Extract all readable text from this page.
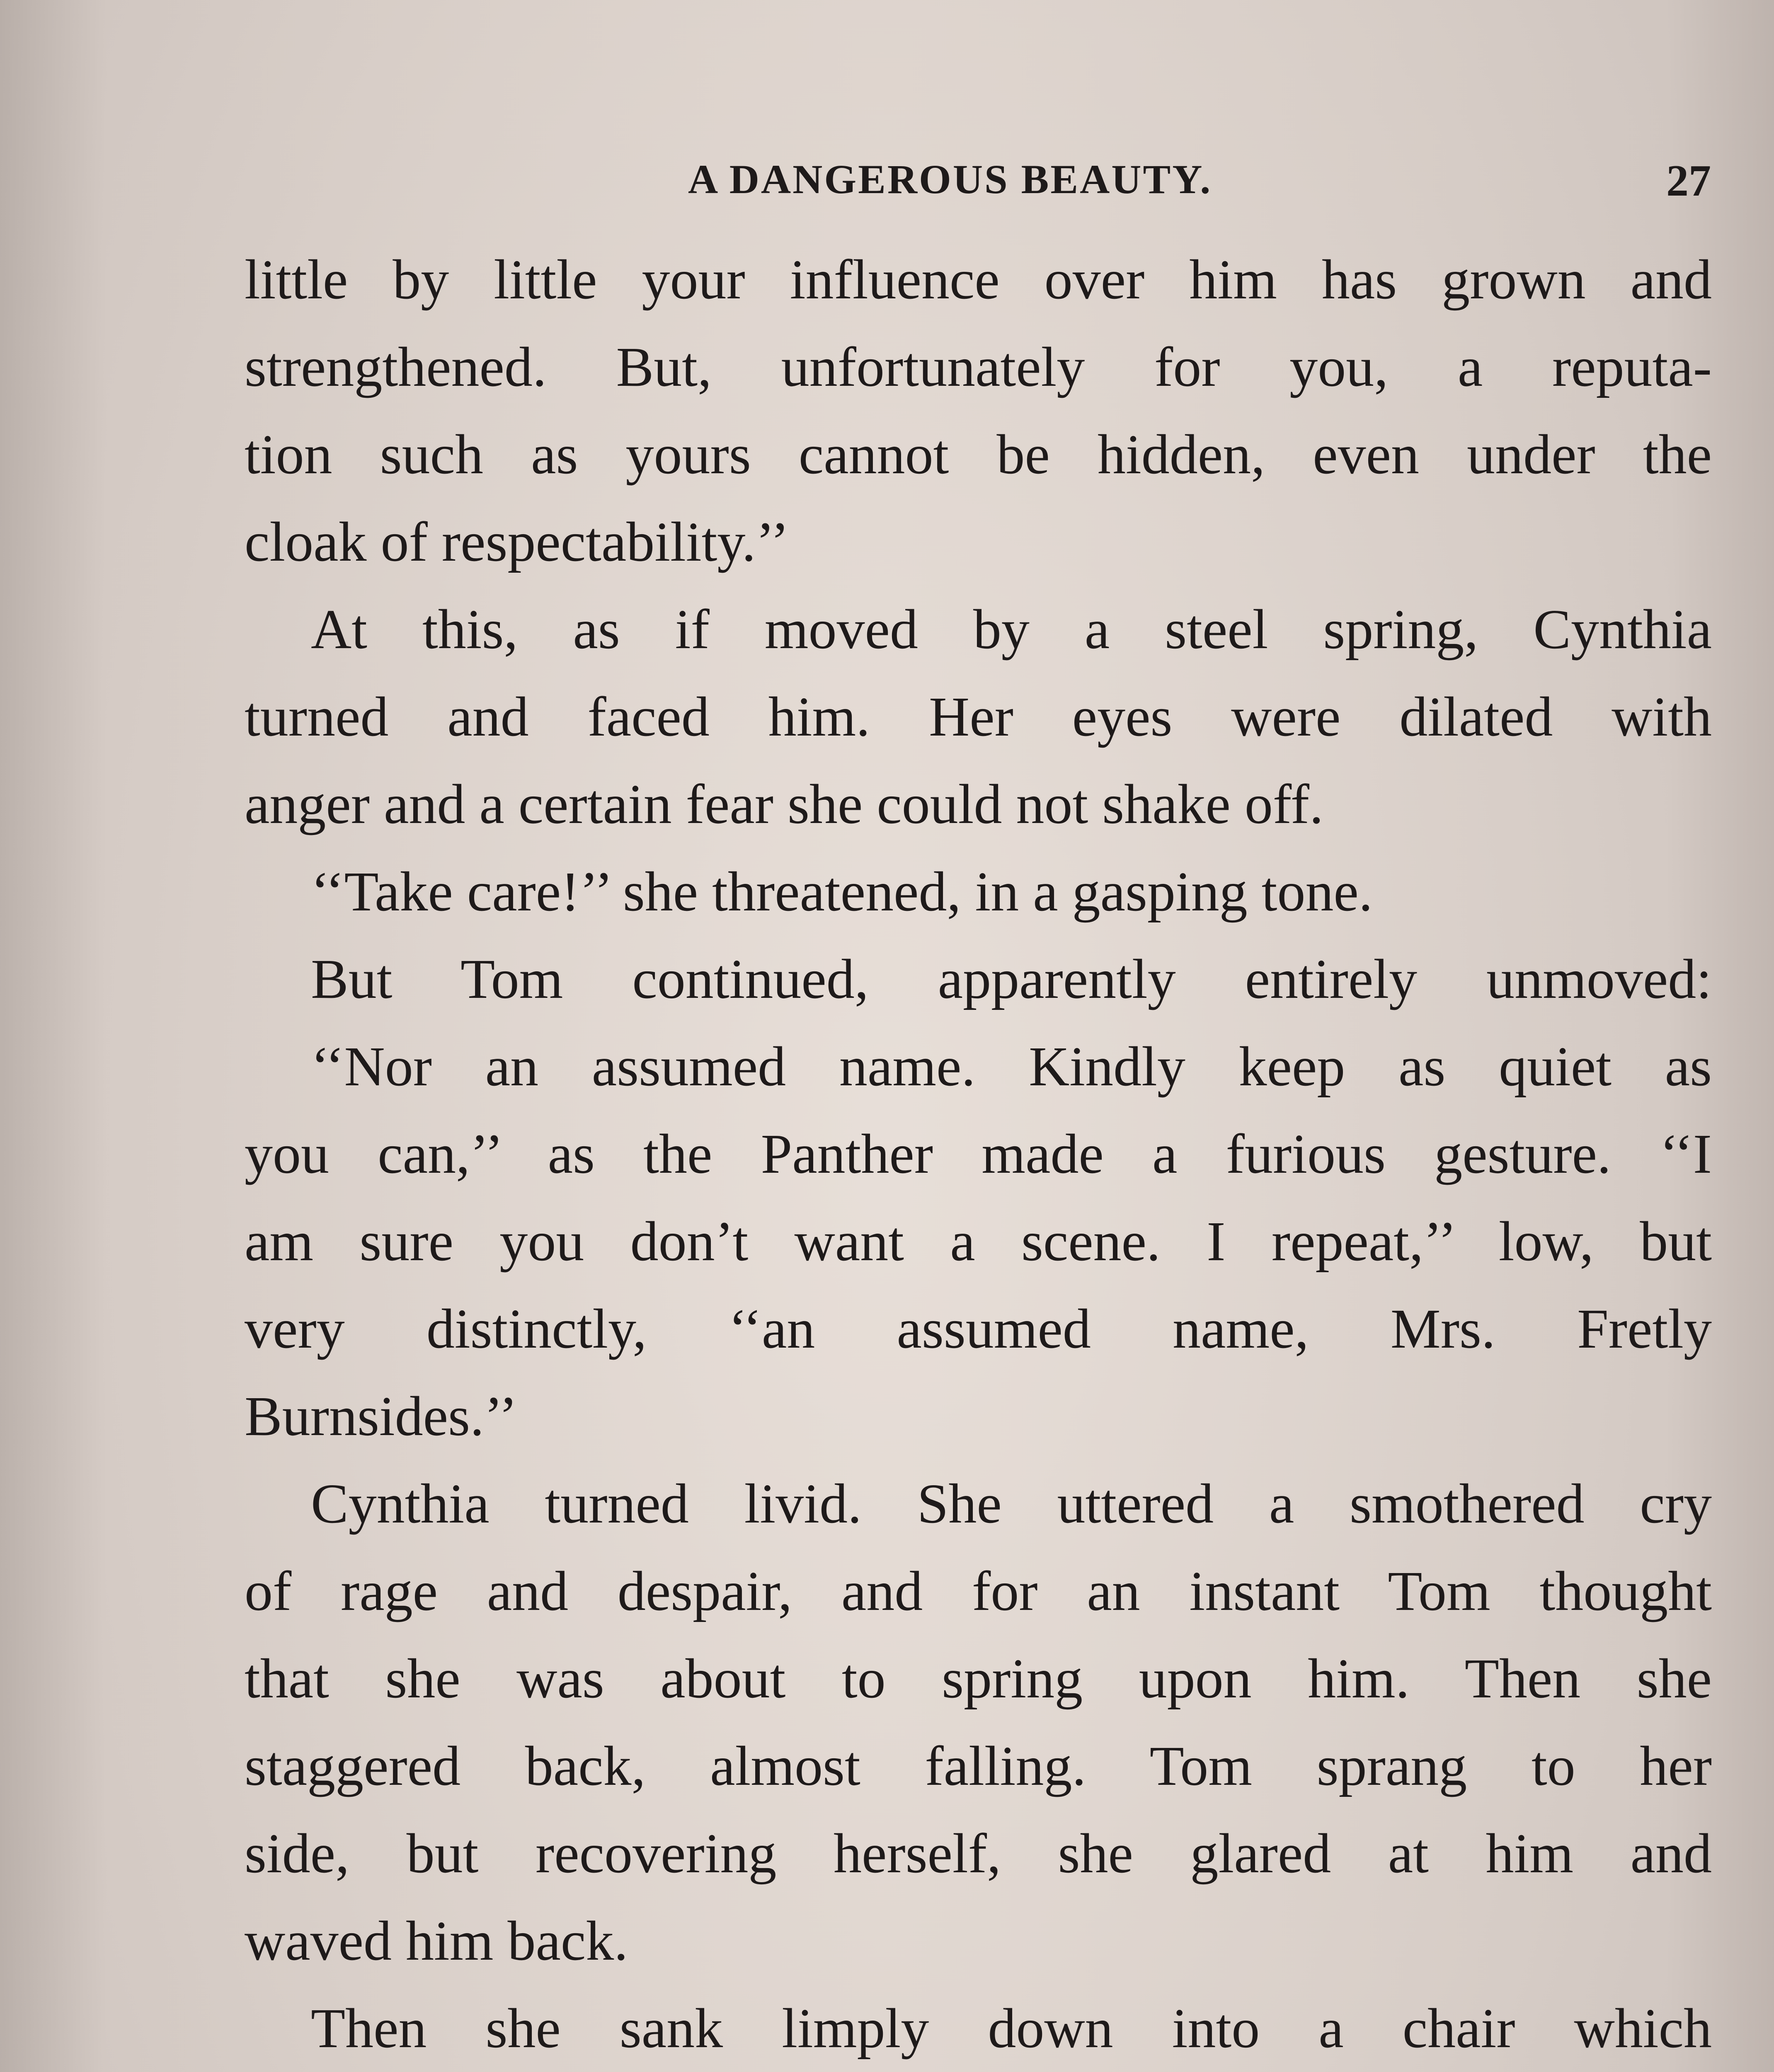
A DANGEROUS BEAUTY.	27
little by little your influence over him has grown and
strengthened. But, unfortunately for you, a reputa-
tion such as yours cannot be hidden, even under the
cloak of respectability.’’
At this, as if moved by a steel spring, Cynthia
turned and faced him. Her eyes were dilated with
anger and a certain fear she could not shake off.
‘‘Take care!’’ she threatened, in a gasping tone.
But Tom continued, apparently entirely unmoved:
‘‘Nor an assumed name. Kindly keep as quiet as
you can,’’ as the Panther made a furious gesture. ‘‘I
am sure you don’t want a scene. I repeat,’’ low, but
very distinctly, ‘‘an assumed name, Mrs. Fretly
Burnsides.’’
Cynthia turned livid. She uttered a smothered cry
of rage and despair, and for an instant Tom thought
that she was about to spring upon him. Then she
staggered back, almost falling. Tom sprang to her
side, but recovering herself, she glared at him and
waved him back.
Then she sank limply down into a chair which
